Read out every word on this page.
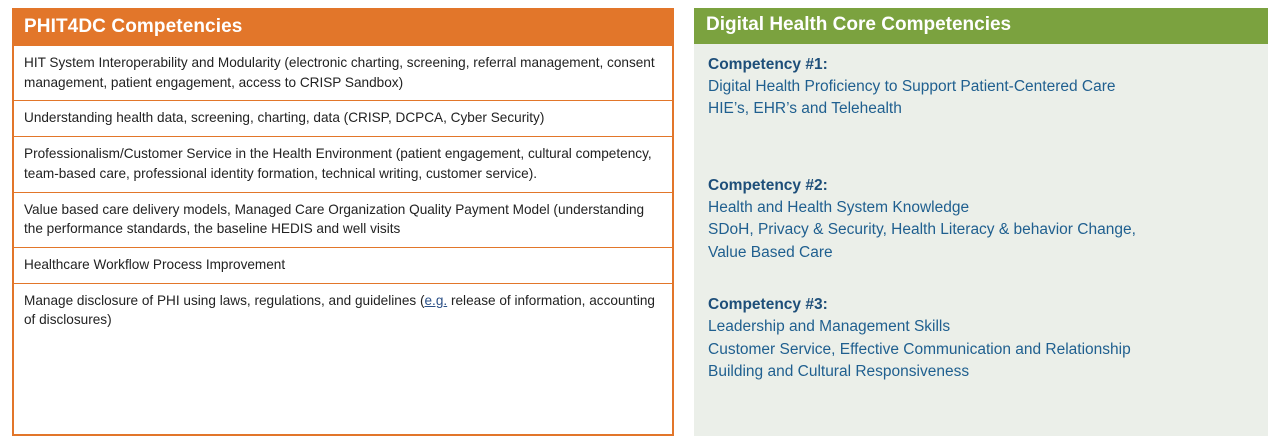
PHIT4DC Competencies
HIT System Interoperability and Modularity (electronic charting, screening, referral management, consent management, patient engagement, access to CRISP Sandbox)
Understanding health data, screening, charting, data (CRISP, DCPCA, Cyber Security)
Professionalism/Customer Service in the Health Environment (patient engagement, cultural competency, team-based care, professional identity formation, technical writing, customer service).
Value based care delivery models, Managed Care Organization Quality Payment Model (understanding the performance standards, the baseline HEDIS and well visits
Healthcare Workflow Process Improvement
Manage disclosure of PHI using laws, regulations, and guidelines (e.g. release of information, accounting of disclosures)
Digital Health Core Competencies
Competency #1:
Digital Health Proficiency to Support Patient-Centered Care
HIE’s, EHR’s and Telehealth
Competency #2:
Health and Health System Knowledge
SDoH, Privacy & Security, Health Literacy & behavior Change,
Value Based Care
Competency #3:
Leadership and Management Skills
Customer Service, Effective Communication and Relationship
Building and Cultural Responsiveness
